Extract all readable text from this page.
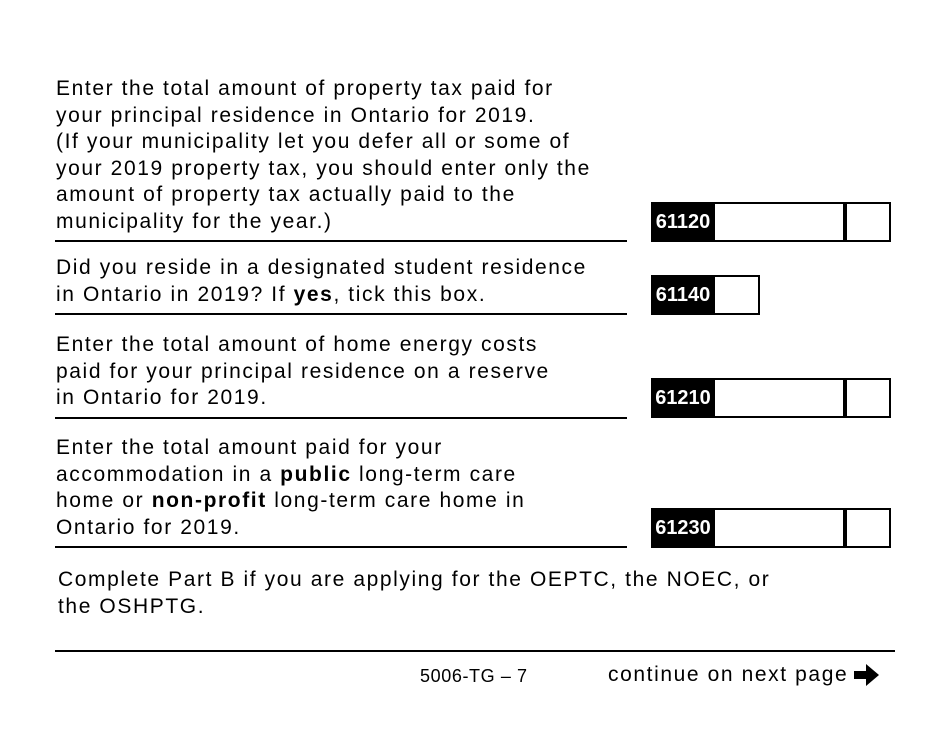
Enter the total amount of property tax paid for
your principal residence in Ontario for 2019.
(If your municipality let you defer all or some of
your 2019 property tax, you should enter only the
amount of property tax actually paid to the
municipality for the year.)	61120
Did you reside in a designated student residence
in Ontario in 2019? If yes, tick this box.	61140
Enter the total amount of home energy costs
paid for your principal residence on a reserve
in Ontario for 2019.	61210
Enter the total amount paid for your
accommodation in a public long-term care
home or non-profit long-term care home in
Ontario for 2019.	61230
Complete Part B if you are applying for the OEPTC, the NOEC, or
the OSHPTG.
5006-TG – 7	continue on next page
